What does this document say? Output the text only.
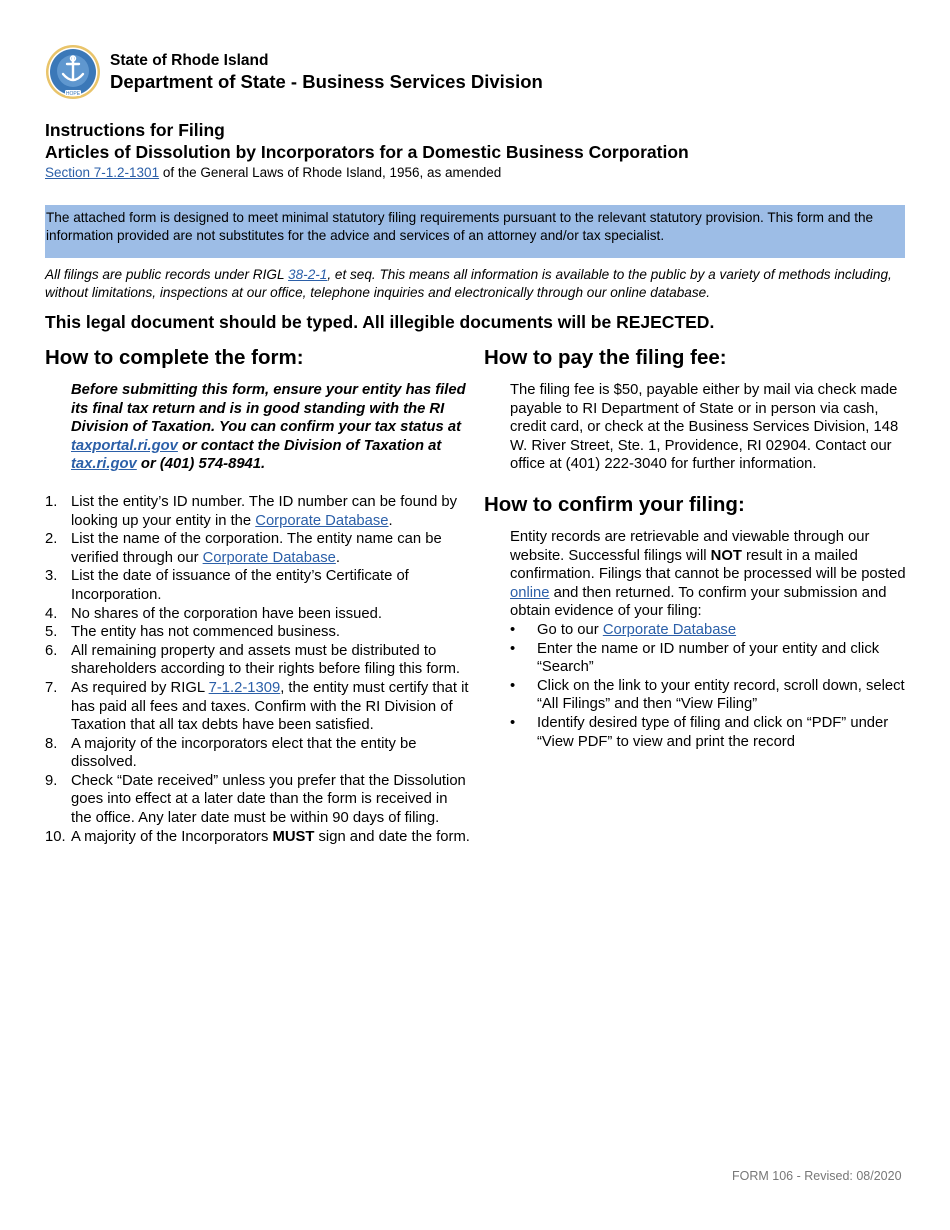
HOPE
State of Rhode Island
Department of State - Business Services Division
Instructions for Filing
Articles of Dissolution by Incorporators for a Domestic Business Corporation
Section 7-1.2-1301 of the General Laws of Rhode Island, 1956, as amended
The attached form is designed to meet minimal statutory filing requirements pursuant to the relevant statutory provision. This form and the information provided are not substitutes for the advice and services of an attorney and/or tax specialist.
All filings are public records under RIGL 38-2-1, et seq. This means all information is available to the public by a variety of methods including, without limitations, inspections at our office, telephone inquiries and electronically through our online database.
This legal document should be typed. All illegible documents will be REJECTED.
How to complete the form:
Before submitting this form, ensure your entity has filed its final tax return and is in good standing with the RI Division of Taxation. You can confirm your tax status at taxportal.ri.gov or contact the Division of Taxation at tax.ri.gov or (401) 574-8941.
1. List the entity’s ID number. The ID number can be found by looking up your entity in the Corporate Database.
2. List the name of the corporation. The entity name can be verified through our Corporate Database.
3. List the date of issuance of the entity’s Certificate of Incorporation.
4. No shares of the corporation have been issued.
5. The entity has not commenced business.
6. All remaining property and assets must be distributed to shareholders according to their rights before filing this form.
7. As required by RIGL 7-1.2-1309, the entity must certify that it has paid all fees and taxes. Confirm with the RI Division of Taxation that all tax debts have been satisfied.
8. A majority of the incorporators elect that the entity be dissolved.
9. Check “Date received” unless you prefer that the Dissolution goes into effect at a later date than the form is received in the office. Any later date must be within 90 days of filing.
10. A majority of the Incorporators MUST sign and date the form.
How to pay the filing fee:
The filing fee is $50, payable either by mail via check made payable to RI Department of State or in person via cash, credit card, or check at the Business Services Division, 148 W. River Street, Ste. 1, Providence, RI 02904. Contact our office at (401) 222-3040 for further information.
How to confirm your filing:
Entity records are retrievable and viewable through our website. Successful filings will NOT result in a mailed confirmation. Filings that cannot be processed will be posted online and then returned. To confirm your submission and obtain evidence of your filing:
•	Go to our Corporate Database
•	Enter the name or ID number of your entity and click “Search”
•	Click on the link to your entity record, scroll down, select “All Filings” and then “View Filing”
•	Identify desired type of filing and click on “PDF” under “View PDF” to view and print the record
FORM 106 - Revised: 08/2020
